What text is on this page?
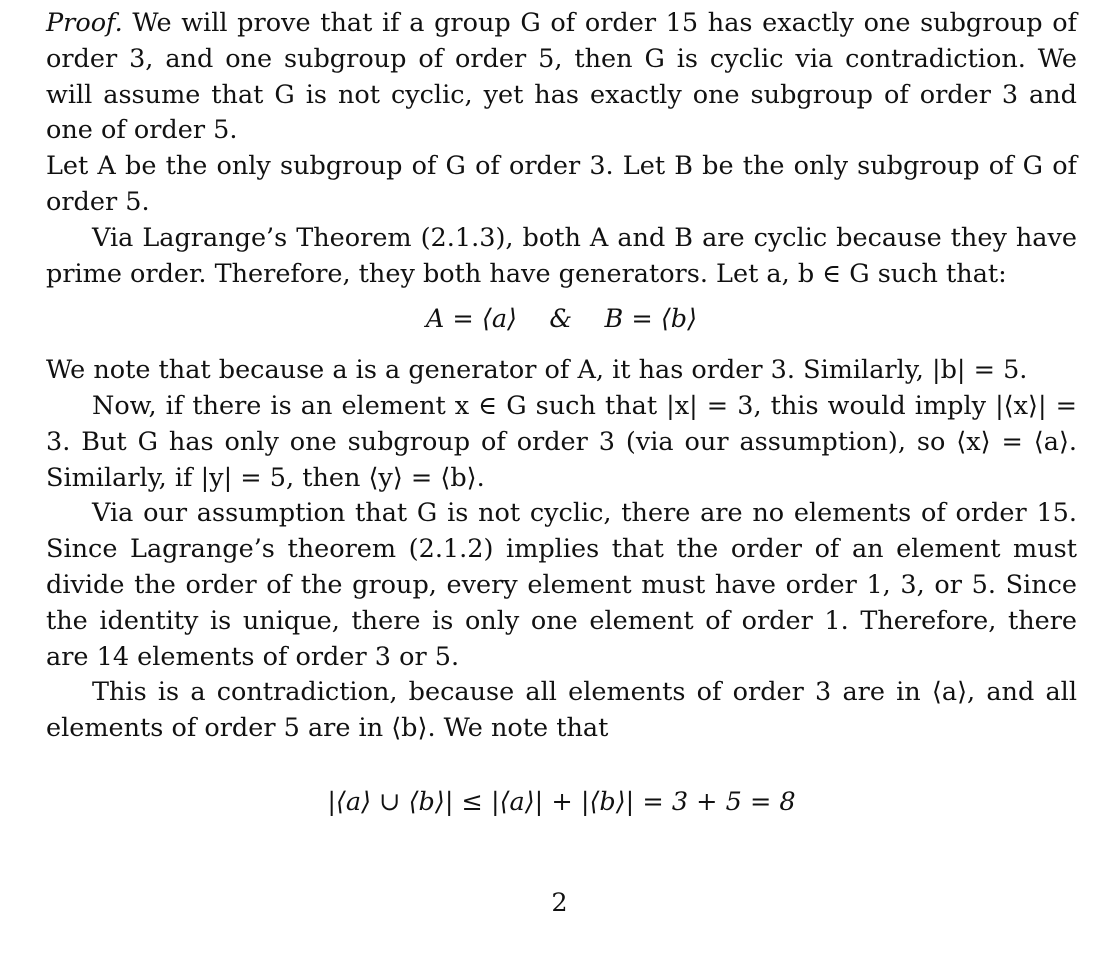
Proof. We will prove that if a group G of order 15 has exactly one subgroup of order 3, and one subgroup of order 5, then G is cyclic via contradiction. We will assume that G is not cyclic, yet has exactly one subgroup of order 3 and one of order 5.

Let A be the only subgroup of G of order 3. Let B be the only subgroup of G of order 5.

Via Lagrange’s Theorem (2.1.3), both A and B are cyclic because they have prime order. Therefore, they both have generators. Let a, b ∈ G such that:

A = ⟨a⟩    &    B = ⟨b⟩

We note that because a is a generator of A, it has order 3. Similarly, |b| = 5.

Now, if there is an element x ∈ G such that |x| = 3, this would imply |⟨x⟩| = 3. But G has only one subgroup of order 3 (via our assumption), so ⟨x⟩ = ⟨a⟩. Similarly, if |y| = 5, then ⟨y⟩ = ⟨b⟩.

Via our assumption that G is not cyclic, there are no elements of order 15. Since Lagrange’s theorem (2.1.2) implies that the order of an element must divide the order of the group, every element must have order 1, 3, or 5. Since the identity is unique, there is only one element of order 1. Therefore, there are 14 elements of order 3 or 5.

This is a contradiction, because all elements of order 3 are in ⟨a⟩, and all elements of order 5 are in ⟨b⟩. We note that

|⟨a⟩ ∪ ⟨b⟩| ≤ |⟨a⟩| + |⟨b⟩| = 3 + 5 = 8
2
